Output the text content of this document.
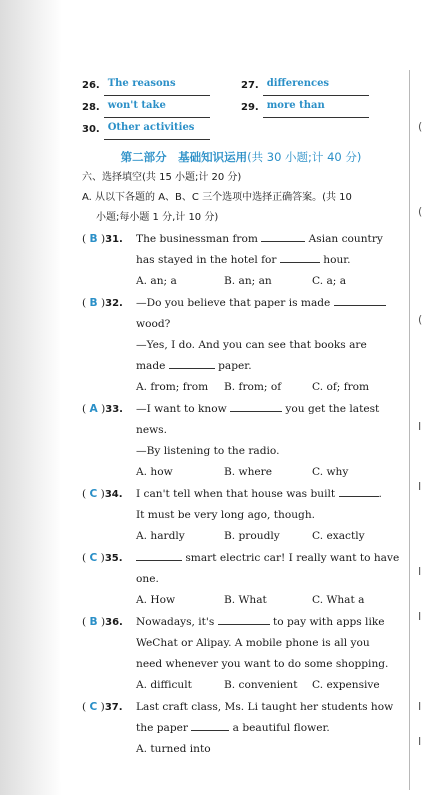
26. The reasons	27. differences
28. won't take	29. more than
30. Other activities
第二部分　基础知识运用(共 30 小题;计 40 分)
六、选择填空(共 15 小题;计 20 分)
A. 从以下各题的 A、B、C 三个选项中选择正确答案。(共 10
小题;每小题 1 分,计 10 分)
( B )31.	The businessman from	Asian country
has stayed in the hotel for	hour.
A. an; a	B. an; an	C. a; a
( B )32.	—Do you believe that paper is made
wood?
—Yes, I do. And you can see that books are
made	paper.
A. from; from	B. from; of	C. of; from
( A )33.	—I want to know	you get the latest
news.
—By listening to the radio.
A. how	B. where	C. why
( C )34.	I can't tell when that house was built	.
It must be very long ago, though.
A. hardly	B. proudly	C. exactly
( C )35.	smart electric car! I really want to have
one.
A. How	B. What	C. What a
( B )36.	Nowadays, it's	to pay with apps like
WeChat or Alipay. A mobile phone is all you
need whenever you want to do some shopping.
A. difficult	B. convenient	C. expensive
( C )37.	Last craft class, Ms. Li taught her students how
the paper	a beautiful flower.
A. turned into
(
(
(
I
I
I
I
I
I
